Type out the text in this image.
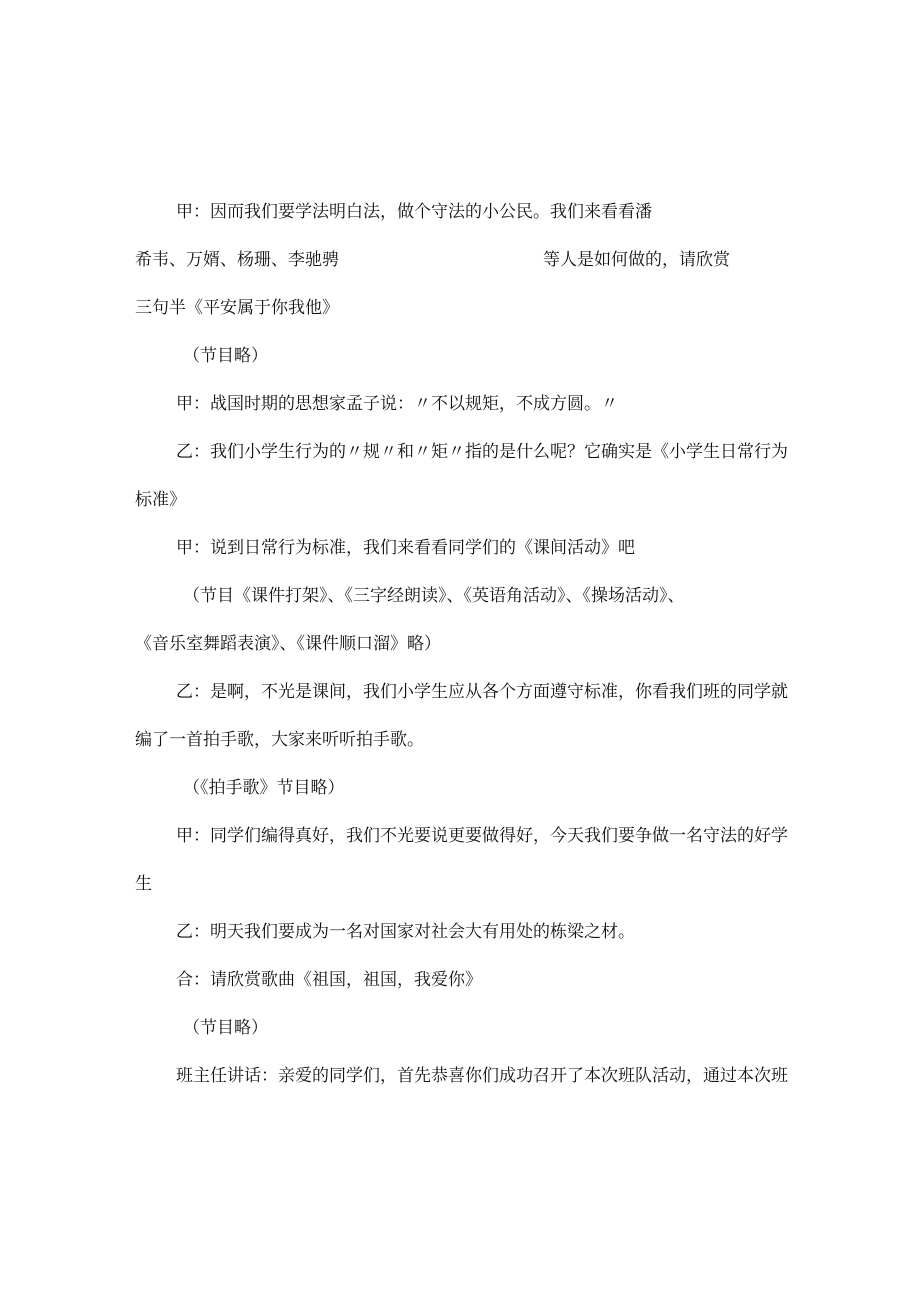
甲：因而我们要学法明白法，做个守法的小公民。我们来看看潘
希韦、万婿、杨珊、李驰骋	等人是如何做的，请欣赏
三句半《平安属于你我他》
（节目略）
甲：战国时期的思想家孟子说：〃不以规矩，不成方圆。〃
乙：我们小学生行为的〃规〃和〃矩〃指的是什么呢？它确实是《小学生日常行为
标准》
甲：说到日常行为标准，我们来看看同学们的《课间活动》吧
（节目《课件打架》、《三字经朗读》、《英语角活动》、《操场活动》、
《音乐室舞蹈表演》、《课件顺口溜》略）
乙：是啊，不光是课间，我们小学生应从各个方面遵守标准，你看我们班的同学就
编了一首拍手歌，大家来听听拍手歌。
（《拍手歌》节目略）
甲：同学们编得真好，我们不光要说更要做得好，今天我们要争做一名守法的好学
生
乙：明天我们要成为一名对国家对社会大有用处的栋梁之材。
合：请欣赏歌曲《祖国，祖国，我爱你》
（节目略）
班主任讲话：亲爱的同学们，首先恭喜你们成功召开了本次班队活动，通过本次班
